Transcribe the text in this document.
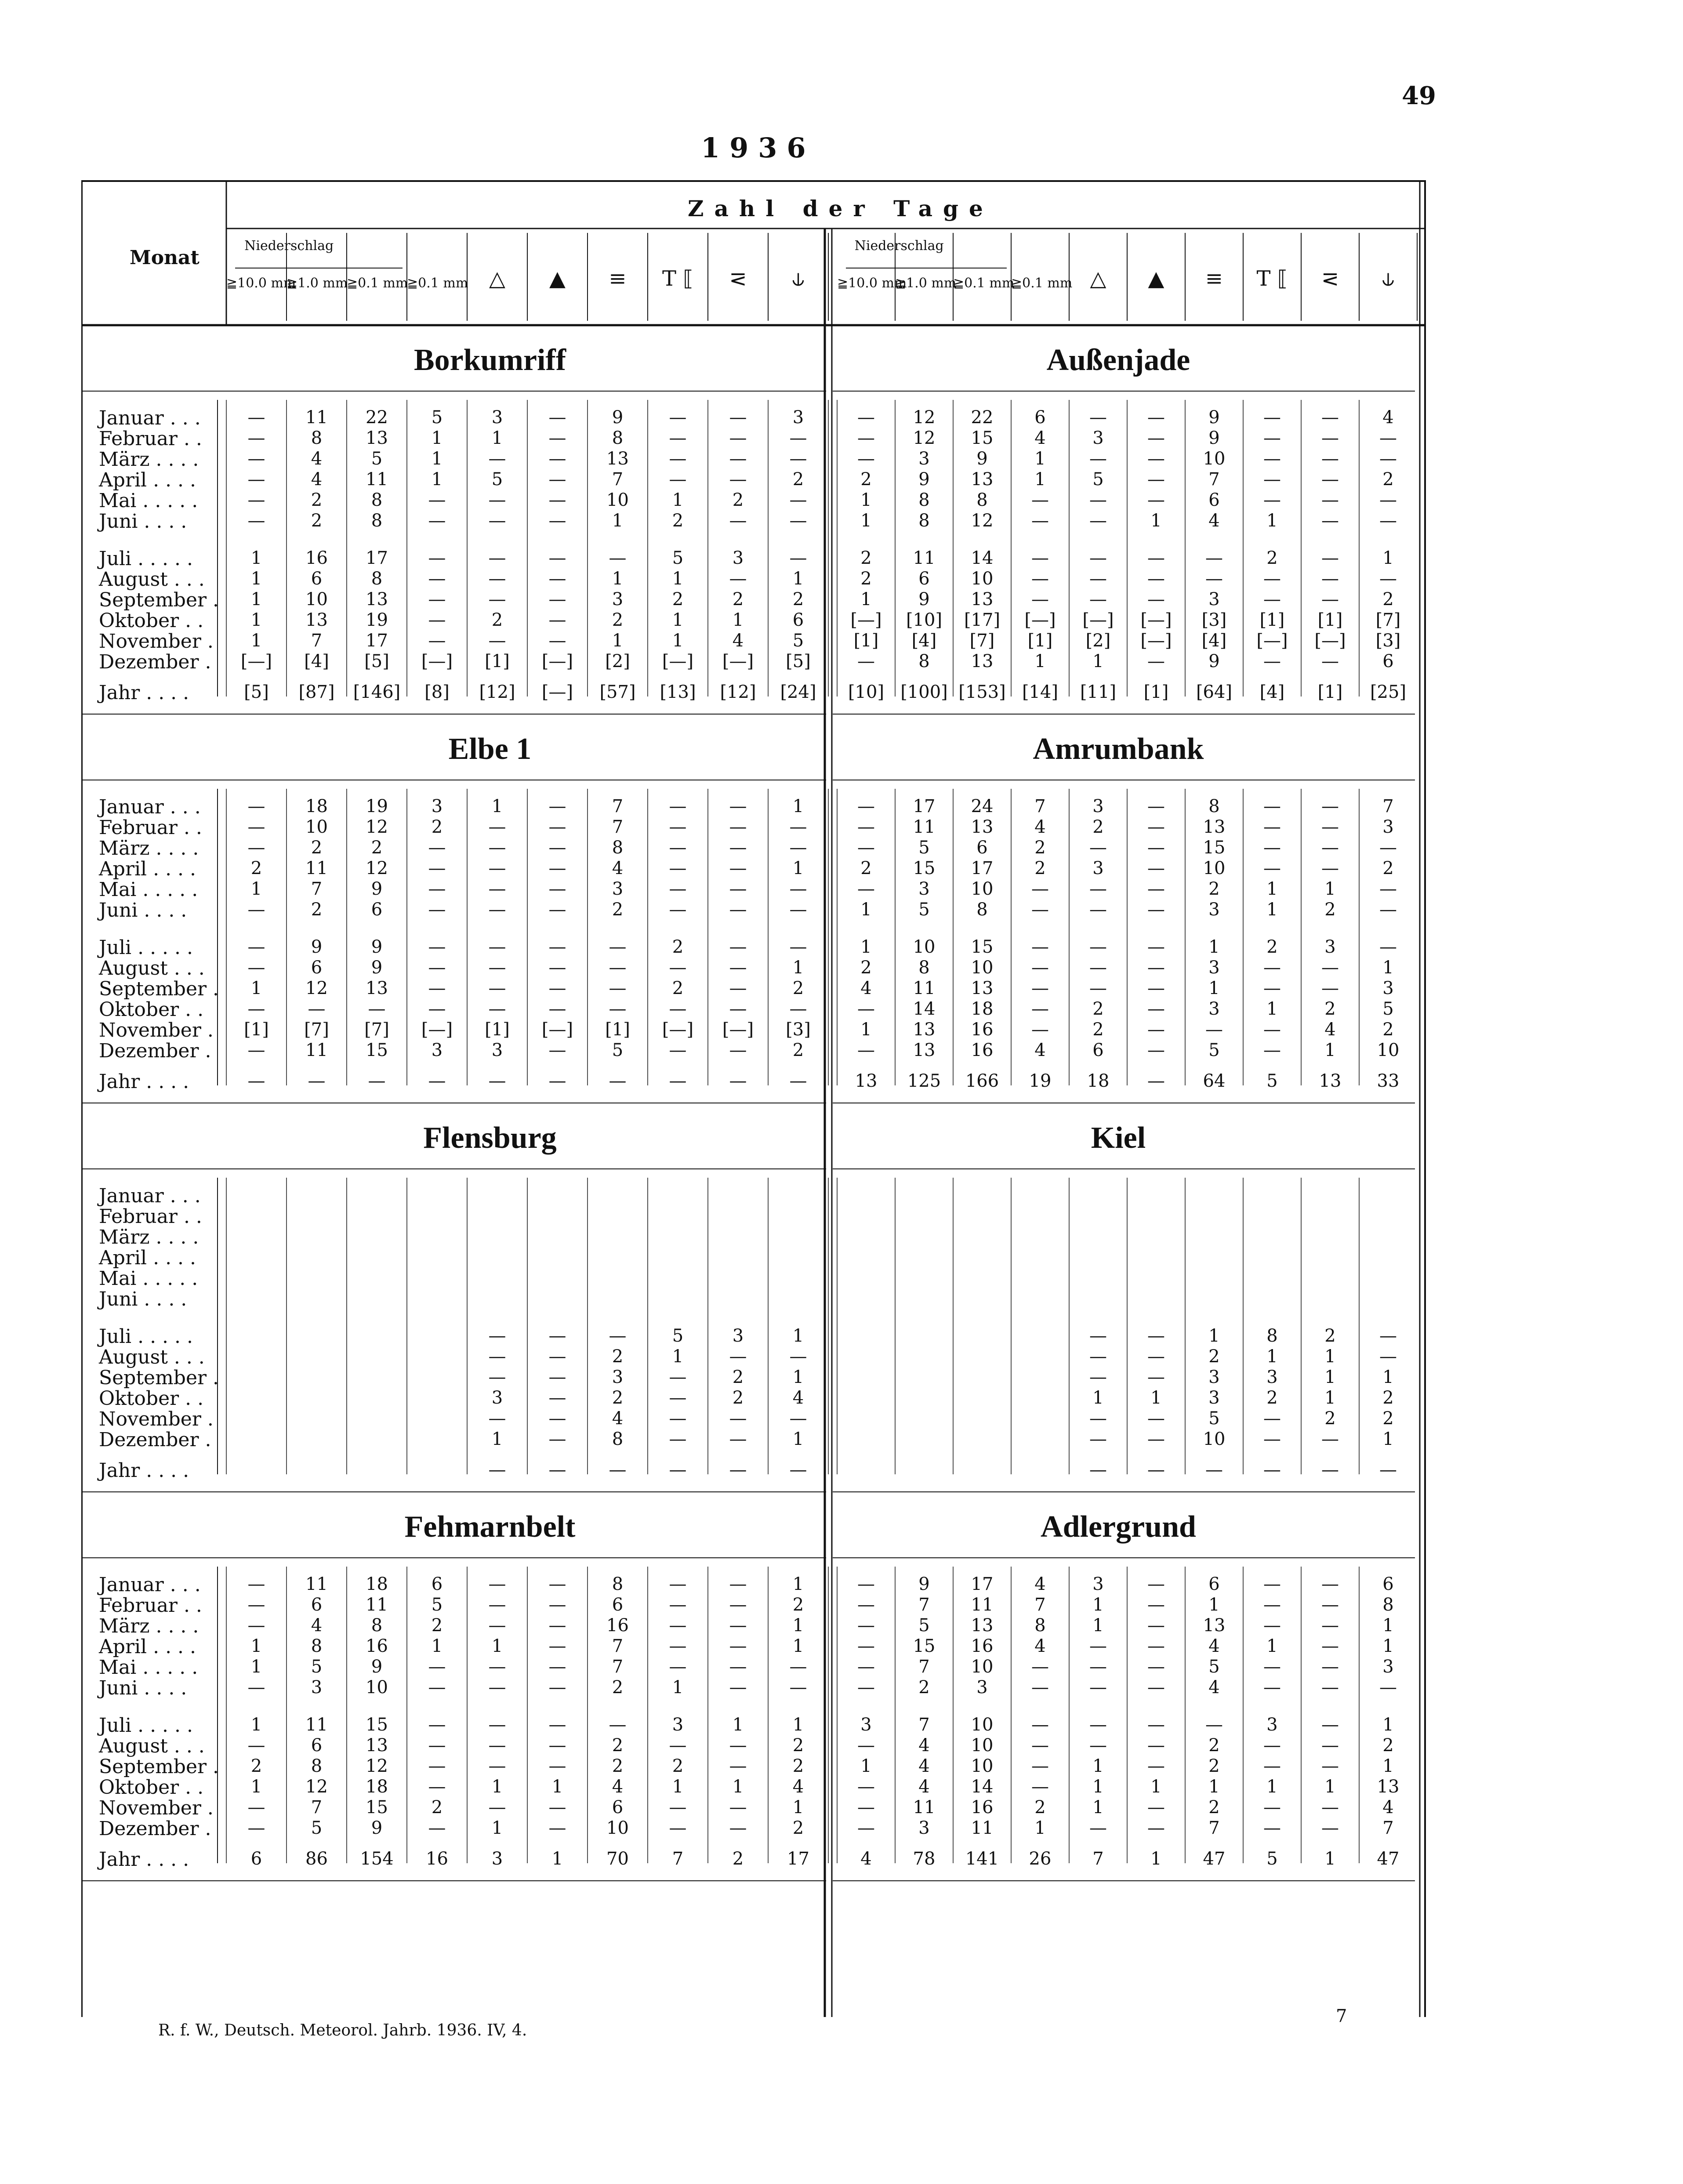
49
1936
Monat
Zahl der Tage
Niederschlag
≧10.0 mm
≧1.0 mm
≧0.1 mm
≧0.1 mm △	▲	≡	T ⟦	⋜	⫝
Niederschlag
≧10.0 mm
≧1.0 mm
≧0.1 mm
≧0.1 mm △	▲	≡	T ⟦	⋜	⫝
Borkumriff
Januar . . .	—	11	22	5	3	—	9	—	—	3
Februar . .	—	8	13	1	1	—	8	—	—	—
März . . . .	—	4	5	1	—	—	13	—	—	—
April . . . .	—	4	11	1	5	—	7	—	—	2
Mai . . . . .	—	2	8	—	—	—	10	1	2	—
Juni . . . .	—	2	8	—	—	—	1	2	—	—
Juli . . . . .	1	16	17	—	—	—	—	5	3	—
August . . .	1	6	8	—	—	—	1	1	—	1
September .	1	10	13	—	—	—	3	2	2	2
Oktober . .	1	13	19	—	2	—	2	1	1	6
November .	1	7	17	—	—	—	1	1	4	5
Dezember .	[—]	[4]	[5]	[—]	[1]	[—]	[2]	[—]	[—]	[5]
Jahr . . . .	[5]	[87]	[146]	[8]	[12]	[—]	[57]	[13]	[12]	[24]
Außenjade
—	12	22	6	—	—	9	—	—	4
—	12	15	4	3	—	9	—	—	—
—	3	9	1	—	—	10	—	—	—
2	9	13	1	5	—	7	—	—	2
1	8	8	—	—	—	6	—	—	—
1	8	12	—	—	1	4	1	—	—
2	11	14	—	—	—	—	2	—	1
2	6	10	—	—	—	—	—	—	—
1	9	13	—	—	—	3	—	—	2
[—]	[10]	[17]	[—]	[—]	[—]	[3]	[1]	[1]	[7]
[1]	[4]	[7]	[1]	[2]	[—]	[4]	[—]	[—]	[3]
—	8	13	1	1	—	9	—	—	6
[10] [100] [153] [14]	[11]	[1]	[64]	[4]	[1]	[25]
Elbe 1
Januar . . .	—	18	19	3	1	—	7	—	—	1
Februar . .	—	10	12	2	—	—	7	—	—	—
März . . . .	—	2	2	—	—	—	8	—	—	—
April . . . .	2	11	12	—	—	—	4	—	—	1
Mai . . . . .	1	7	9	—	—	—	3	—	—	—
Juni . . . .	—	2	6	—	—	—	2	—	—	—
Juli . . . . .	—	9	9	—	—	—	—	2	—	—
August . . .	—	6	9	—	—	—	—	—	—	1
September .	1	12	13	—	—	—	—	2	—	2
Oktober . .	—	—	—	—	—	—	—	—	—	—
November .	[1]	[7]	[7]	[—]	[1]	[—]	[1]	[—]	[—]	[3]
Dezember .	—	11	15	3	3	—	5	—	—	2
Jahr . . . .	—	—	—	—	—	—	—	—	—	—
Amrumbank
—	17	24	7	3	—	8	—	—	7
—	11	13	4	2	—	13	—	—	3
—	5	6	2	—	—	15	—	—	—
2	15	17	2	3	—	10	—	—	2
—	3	10	—	—	—	2	1	1	—
1	5	8	—	—	—	3	1	2	—
1	10	15	—	—	—	1	2	3	—
2	8	10	—	—	—	3	—	—	1
4	11	13	—	—	—	1	—	—	3
—	14	18	—	2	—	3	1	2	5
1	13	16	—	2	—	—	—	4	2
—	13	16	4	6	—	5	—	1	10
13	125	166	19	18	—	64	5	13	33
Flensburg
Januar . . .
Februar . .
März . . . .
April . . . .
Mai . . . . .
Juni . . . .
Juli . . . . .	—	—	—	5	3	1
August . . .	—	—	2	1	—	—
September .	—	—	3	—	2	1
Oktober . .	3	—	2	—	2	4
November .	—	—	4	—	—	—
Dezember .	1	—	8	—	—	1
Jahr . . . .	—	—	—	—	—	—
Kiel
—	—	1	8	2	—
—	—	2	1	1	—
—	—	3	3	1	1
1	1	3	2	1	2
—	—	5	—	2	2
—	—	10	—	—	1
—	—	—	—	—	—
Fehmarnbelt
Januar . . .	—	11	18	6	—	—	8	—	—	1
Februar . .	—	6	11	5	—	—	6	—	—	2
März . . . .	—	4	8	2	—	—	16	—	—	1
April . . . .	1	8	16	1	1	—	7	—	—	1
Mai . . . . .	1	5	9	—	—	—	7	—	—	—
Juni . . . .	—	3	10	—	—	—	2	1	—	—
Juli . . . . .	1	11	15	—	—	—	—	3	1	1
August . . .	—	6	13	—	—	—	2	—	—	2
September .	2	8	12	—	—	—	2	2	—	2
Oktober . .	1	12	18	—	1	1	4	1	1	4
November .	—	7	15	2	—	—	6	—	—	1
Dezember .	—	5	9	—	1	—	10	—	—	2
Jahr . . . .	6	86	154	16	3	1	70	7	2	17
Adlergrund
—	9	17	4	3	—	6	—	—	6
—	7	11	7	1	—	1	—	—	8
—	5	13	8	1	—	13	—	—	1
—	15	16	4	—	—	4	1	—	1
—	7	10	—	—	—	5	—	—	3
—	2	3	—	—	—	4	—	—	—
3	7	10	—	—	—	—	3	—	1
—	4	10	—	—	—	2	—	—	2
1	4	10	—	1	—	2	—	—	1
—	4	14	—	1	1	1	1	1	13
—	11	16	2	1	—	2	—	—	4
—	3	11	1	—	—	7	—	—	7
4	78	141	26	7	1	47	5	1	47
R. f. W., Deutsch. Meteorol. Jahrb. 1936. IV, 4.
7
